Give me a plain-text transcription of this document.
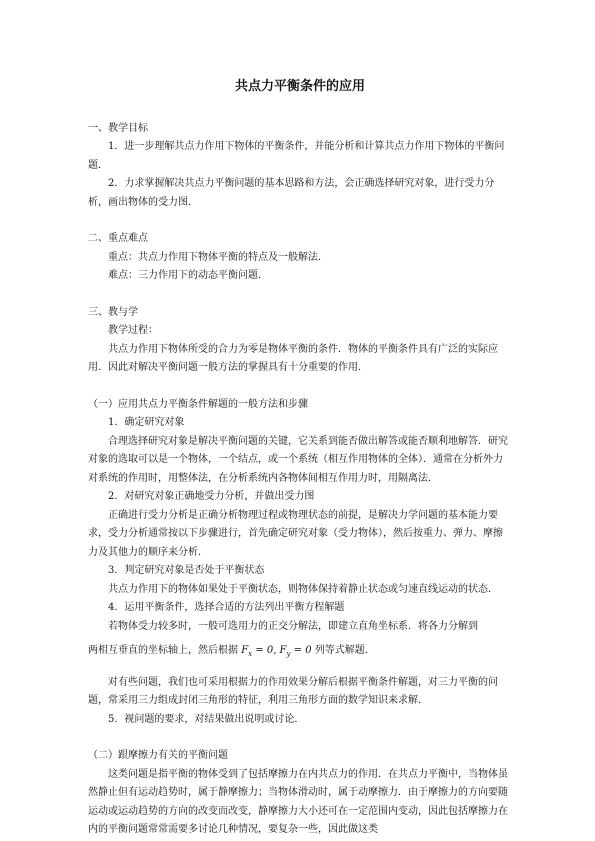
共点力平衡条件的应用

一、教学目标

1．进一步理解共点力作用下物体的平衡条件，并能分析和计算共点力作用下物体的平衡问题．

2．力求掌握解决共点力平衡问题的基本思路和方法，会正确选择研究对象，进行受力分析，画出物体的受力图．

二、重点难点

重点：共点力作用下物体平衡的特点及一般解法．

难点：三力作用下的动态平衡问题．

三、教与学

教学过程：

共点力作用下物体所受的合力为零是物体平衡的条件．物体的平衡条件具有广泛的实际应用．因此对解决平衡问题一般方法的掌握具有十分重要的作用．

（一）应用共点力平衡条件解题的一般方法和步骤

1．确定研究对象

合理选择研究对象是解决平衡问题的关键，它关系到能否做出解答或能否顺利地解答．研究对象的选取可以是一个物体，一个结点，或一个系统（相互作用物体的全体）．通常在分析外力对系统的作用时，用整体法，在分析系统内各物体间相互作用力时，用隔离法．

2．对研究对象正确地受力分析，并做出受力图

正确进行受力分析是正确分析物理过程或物理状态的前提，是解决力学问题的基本能力要求，受力分析通常按以下步骤进行，首先确定研究对象（受力物体），然后按重力、弹力、摩擦力及其他力的顺序来分析．

3．判定研究对象是否处于平衡状态

共点力作用下的物体如果处于平衡状态，则物体保持着静止状态或匀速直线运动的状态．

4．运用平衡条件，选择合适的方法列出平衡方程解题

若物体受力较多时，一般可选用力的正交分解法，即建立直角坐标系．将各力分解到

两相互垂直的坐标轴上，然后根据 $F_x = 0$, $F_y = 0$ 列等式解题．

对有些问题，我们也可采用根据力的作用效果分解后根据平衡条件解题，对三力平衡的问题，常采用三力组成封闭三角形的特征，利用三角形方面的数学知识来求解．

5．视问题的要求，对结果做出说明或讨论．

（二）跟摩擦力有关的平衡问题

这类问题是指平衡的物体受到了包括摩擦力在内共点力的作用．在共点力平衡中，当物体虽然静止但有运动趋势时，属于静摩擦力；当物体滑动时，属于动摩擦力．由于摩擦力的方向要随运动或运动趋势的方向的改变而改变，静摩擦力大小还可在一定范围内变动，因此包括摩擦力在内的平衡问题常常需要多讨论几种情况，要复杂一些，因此做这类
